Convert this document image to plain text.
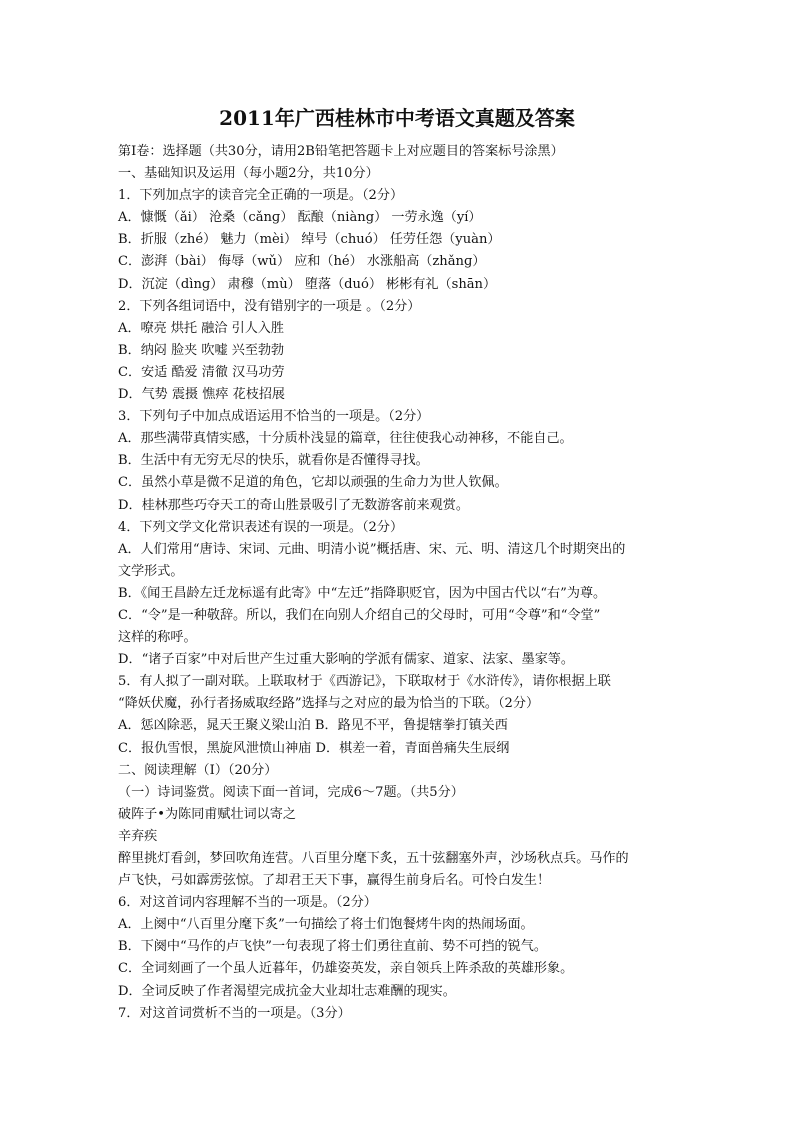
2011年广西桂林市中考语文真题及答案
第Ⅰ卷：选择题（共30分，请用2B铅笔把答题卡上对应题目的答案标号涂黑）
一、基础知识及运用（每小题2分，共10分）
1．下列加点字的读音完全正确的一项是。（2分）
A．慷慨（ǎi） 沧桑（cǎnɡ） 酝酿（niàng） 一劳永逸（yí）
B．折服（zhé） 魅力（mèi） 绰号（chuó） 任劳任怨（yuàn）
C．澎湃（bài） 侮辱（wǔ） 应和（hé） 水涨船高（zhǎnɡ）
D．沉淀（dìnɡ） 肃穆（mù） 堕落（duó） 彬彬有礼（shān）
2．下列各组词语中，没有错别字的一项是 。（2分）
A．嘹亮 烘托 融洽 引人入胜
B．纳闷 脸夹 吹嘘 兴至勃勃
C．安适 酷爱 清徹 汉马功劳
D．气势 震摄 憔瘁 花枝招展
3．下列句子中加点成语运用不恰当的一项是。（2分）
A．那些满带真情实感，十分质朴浅显的篇章，往往使我心动神移，不能自己。
B．生活中有无穷无尽的快乐，就看你是否懂得寻找。
C．虽然小草是微不足道的角色，它却以顽强的生命力为世人钦佩。
D．桂林那些巧夺天工的奇山胜景吸引了无数游客前来观赏。
4．下列文学文化常识表述有误的一项是。（2分）
A．人们常用“唐诗、宋词、元曲、明清小说”概括唐、宋、元、明、清这几个时期突出的
文学形式。
B．《闻王昌龄左迁龙标遥有此寄》中“左迁”指降职贬官，因为中国古代以“右”为尊。
C．“令”是一种敬辞。所以，我们在向别人介绍自己的父母时，可用“令尊”和“令堂”
这样的称呼。
D．“诸子百家”中对后世产生过重大影响的学派有儒家、道家、法家、墨家等。
5．有人拟了一副对联。上联取材于《西游记》，下联取材于《水浒传》，请你根据上联
“降妖伏魔，孙行者扬威取经路”选择与之对应的最为恰当的下联。（2分）
A．惩凶除恶，晁天王聚义梁山泊 B．路见不平，鲁提辖拳打镇关西
C．报仇雪恨，黑旋风泄愤山神庙 D．棋差一着，青面兽痛失生辰纲
二、阅读理解（Ⅰ）（20分）
（一）诗词鉴赏。阅读下面一首词，完成6～7题。（共5分）
破阵子•为陈同甫赋壮词以寄之
辛弃疾
醉里挑灯看剑，梦回吹角连营。八百里分麾下炙，五十弦翻塞外声，沙场秋点兵。马作的
卢飞快，弓如霹雳弦惊。了却君王天下事，赢得生前身后名。可怜白发生！
6．对这首词内容理解不当的一项是。（2分）
A．上阕中“八百里分麾下炙”一句描绘了将士们饱餐烤牛肉的热闹场面。
B．下阕中“马作的卢飞快”一句表现了将士们勇往直前、势不可挡的锐气。
C．全词刻画了一个虽人近暮年，仍雄姿英发，亲自领兵上阵杀敌的英雄形象。
D．全词反映了作者渴望完成抗金大业却壮志难酬的现实。
7．对这首词赏析不当的一项是。（3分）
